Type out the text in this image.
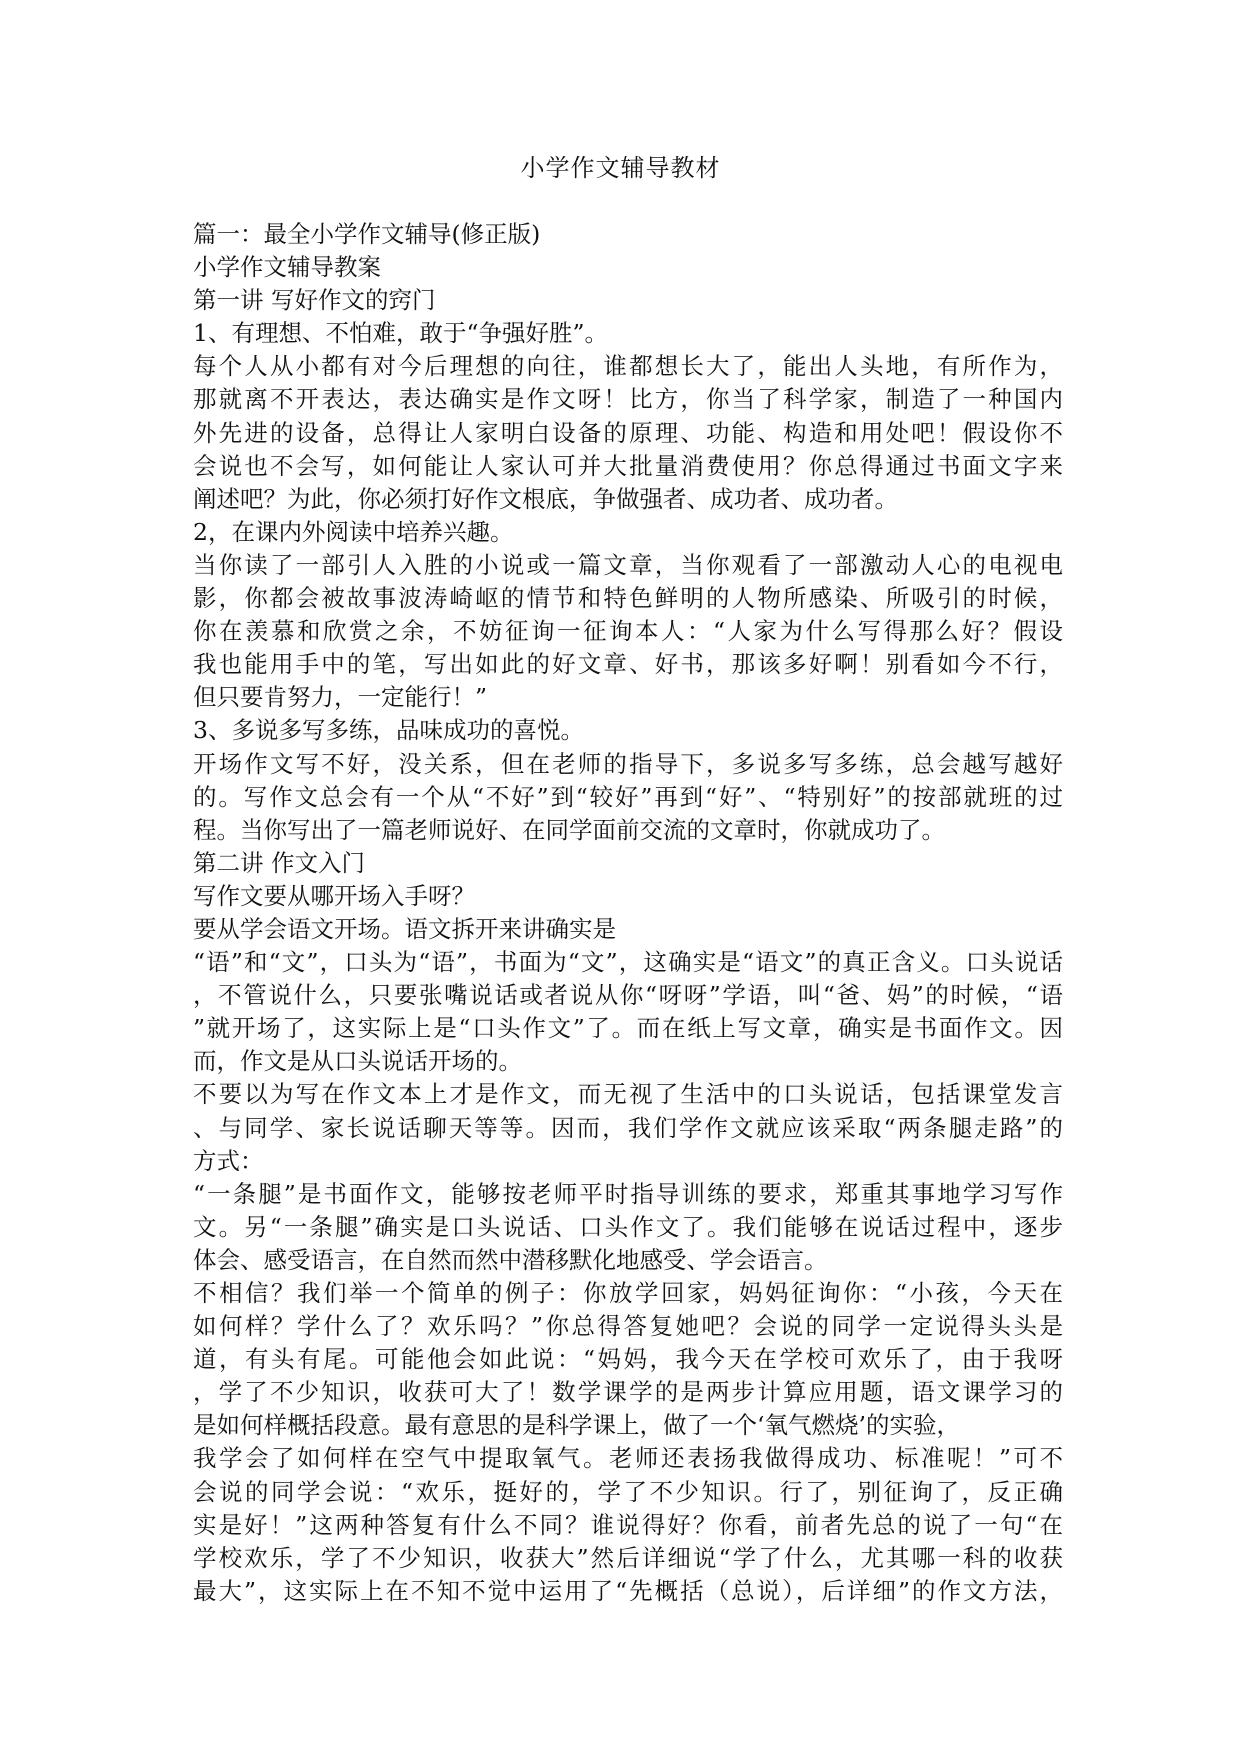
小学作文辅导教材
篇一：最全小学作文辅导(修正版)
小学作文辅导教案
第一讲 写好作文的窍门
1、有理想、不怕难，敢于“争强好胜”。
每个人从小都有对今后理想的向往，谁都想长大了，能出人头地，有所作为，
那就离不开表达，表达确实是作文呀！比方，你当了科学家，制造了一种国内
外先进的设备，总得让人家明白设备的原理、功能、构造和用处吧！假设你不
会说也不会写，如何能让人家认可并大批量消费使用？你总得通过书面文字来
阐述吧？为此，你必须打好作文根底，争做强者、成功者、成功者。
2，在课内外阅读中培养兴趣。
当你读了一部引人入胜的小说或一篇文章，当你观看了一部激动人心的电视电
影，你都会被故事波涛崎岖的情节和特色鲜明的人物所感染、所吸引的时候，
你在羡慕和欣赏之余，不妨征询一征询本人：“人家为什么写得那么好？假设
我也能用手中的笔，写出如此的好文章、好书，那该多好啊！别看如今不行，
但只要肯努力，一定能行！”
3、多说多写多练，品味成功的喜悦。
开场作文写不好，没关系，但在老师的指导下，多说多写多练，总会越写越好
的。写作文总会有一个从“不好”到“较好”再到“好”、“特别好”的按部就班的过
程。当你写出了一篇老师说好、在同学面前交流的文章时，你就成功了。
第二讲 作文入门
写作文要从哪开场入手呀？
要从学会语文开场。语文拆开来讲确实是
“语”和“文”，口头为“语”，书面为“文”，这确实是“语文”的真正含义。口头说话
，不管说什么，只要张嘴说话或者说从你“呀呀”学语，叫“爸、妈”的时候，“语
”就开场了，这实际上是“口头作文”了。而在纸上写文章，确实是书面作文。因
而，作文是从口头说话开场的。
不要以为写在作文本上才是作文，而无视了生活中的口头说话，包括课堂发言
、与同学、家长说话聊天等等。因而，我们学作文就应该采取“两条腿走路”的
方式：
“一条腿”是书面作文，能够按老师平时指导训练的要求，郑重其事地学习写作
文。另“一条腿”确实是口头说话、口头作文了。我们能够在说话过程中，逐步
体会、感受语言，在自然而然中潜移默化地感受、学会语言。
不相信？我们举一个简单的例子：你放学回家，妈妈征询你：“小孩，今天在
如何样？学什么了？欢乐吗？”你总得答复她吧？会说的同学一定说得头头是
道，有头有尾。可能他会如此说：“妈妈，我今天在学校可欢乐了，由于我呀
，学了不少知识，收获可大了！数学课学的是两步计算应用题，语文课学习的
是如何样概括段意。最有意思的是科学课上，做了一个‘氧气燃烧’的实验，
我学会了如何样在空气中提取氧气。老师还表扬我做得成功、标准呢！”可不
会说的同学会说：“欢乐，挺好的，学了不少知识。行了，别征询了，反正确
实是好！”这两种答复有什么不同？谁说得好？你看，前者先总的说了一句“在
学校欢乐，学了不少知识，收获大”然后详细说“学了什么，尤其哪一科的收获
最大”，这实际上在不知不觉中运用了“先概括（总说），后详细”的作文方法，
